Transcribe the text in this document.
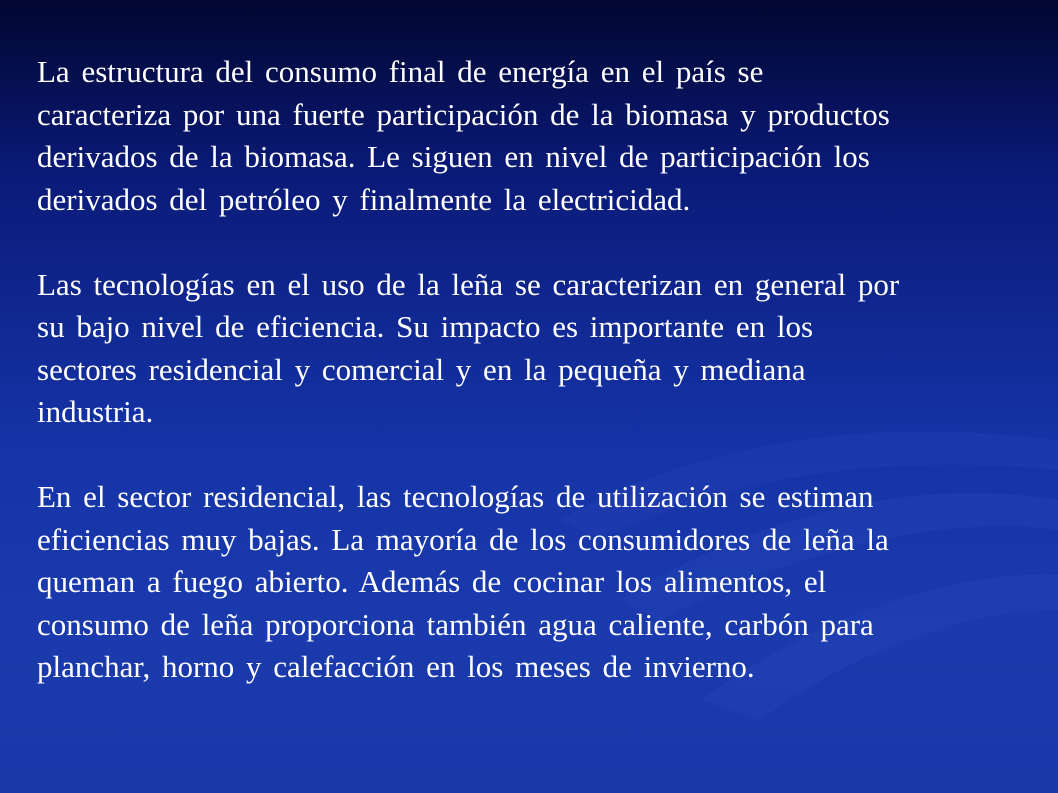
La estructura del consumo final de energía en el país se
caracteriza por una fuerte participación de la biomasa y productos
derivados de la biomasa. Le siguen en nivel de participación los
derivados del petróleo y finalmente la electricidad.

Las tecnologías en el uso de la leña se caracterizan en general por
su bajo nivel de eficiencia. Su impacto es importante en los
sectores residencial y comercial y en la pequeña y mediana
industria.

En el sector residencial, las tecnologías de utilización se estiman
eficiencias muy bajas. La mayoría de los consumidores de leña la
queman a fuego abierto. Además de cocinar los alimentos, el
consumo de leña proporciona también agua caliente, carbón para
planchar, horno y calefacción en los meses de invierno.
